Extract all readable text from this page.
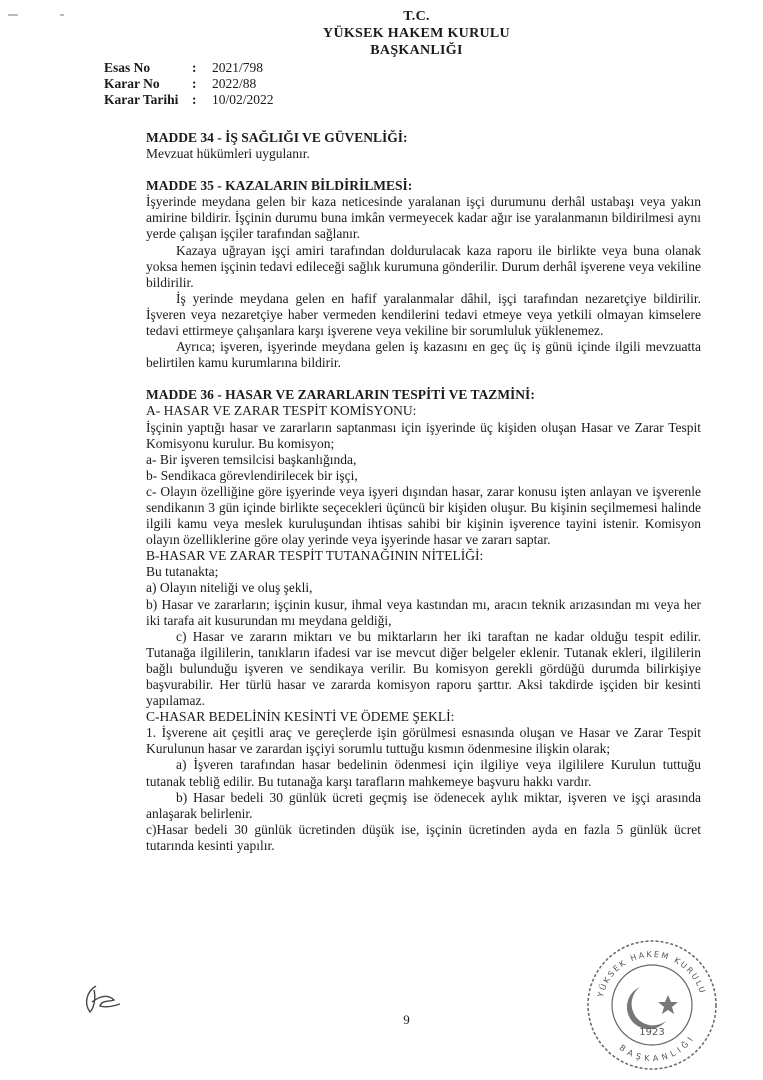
T.C.
YÜKSEK HAKEM KURULU
BAŞKANLIĞI
Esas No	:	2021/798
Karar No	:	2022/88
Karar Tarihi	:	10/02/2022

MADDE 34 - İŞ SAĞLIĞI VE GÜVENLİĞİ:

Mevzuat hükümleri uygulanır.

MADDE 35 - KAZALARIN BİLDİRİLMESİ:

İşyerinde meydana gelen bir kaza neticesinde yaralanan işçi durumunu derhâl ustabaşı veya yakın amirine bildirir. İşçinin durumu buna imkân vermeyecek kadar ağır ise yaralanmanın bildirilmesi aynı yerde çalışan işçiler tarafından sağlanır.

Kazaya uğrayan işçi amiri tarafından doldurulacak kaza raporu ile birlikte veya buna olanak yoksa hemen işçinin tedavi edileceği sağlık kurumuna gönderilir. Durum derhâl işverene veya vekiline bildirilir.

İş yerinde meydana gelen en hafif yaralanmalar dâhil, işçi tarafından nezaretçiye bildirilir. İşveren veya nezaretçiye haber vermeden kendilerini tedavi etmeye veya yetkili olmayan kimselere tedavi ettirmeye çalışanlara karşı işverene veya vekiline bir sorumluluk yüklenemez.

Ayrıca; işveren, işyerinde meydana gelen iş kazasını en geç üç iş günü içinde ilgili mevzuatta belirtilen kamu kurumlarına bildirir.

MADDE 36 - HASAR VE ZARARLARIN TESPİTİ VE TAZMİNİ:

A- HASAR VE ZARAR TESPİT KOMİSYONU:

İşçinin yaptığı hasar ve zararların saptanması için işyerinde üç kişiden oluşan Hasar ve Zarar Tespit Komisyonu kurulur. Bu komisyon;

a- Bir işveren temsilcisi başkanlığında,

b- Sendikaca görevlendirilecek bir işçi,

c- Olayın özelliğine göre işyerinde veya işyeri dışından hasar, zarar konusu işten anlayan ve işverenle sendikanın 3 gün içinde birlikte seçecekleri üçüncü bir kişiden oluşur. Bu kişinin seçilmemesi halinde ilgili kamu veya meslek kuruluşundan ihtisas sahibi bir kişinin işverence tayini istenir. Komisyon olayın özelliklerine göre olay yerinde veya işyerinde hasar ve zararı saptar.

B-HASAR VE ZARAR TESPİT TUTANAĞININ NİTELİĞİ:

Bu tutanakta;

a) Olayın niteliği ve oluş şekli,

b) Hasar ve zararların; işçinin kusur, ihmal veya kastından mı, aracın teknik arızasından mı veya her iki tarafa ait kusurundan mı meydana geldiği,

c) Hasar ve zararın miktarı ve bu miktarların her iki taraftan ne kadar olduğu tespit edilir. Tutanağa ilgililerin, tanıkların ifadesi var ise mevcut diğer belgeler eklenir. Tutanak ekleri, ilgililerin bağlı bulunduğu işveren ve sendikaya verilir. Bu komisyon gerekli gördüğü durumda bilirkişiye başvurabilir. Her türlü hasar ve zararda komisyon raporu şarttır. Aksi takdirde işçiden bir kesinti yapılamaz.

C-HASAR BEDELİNİN KESİNTİ VE ÖDEME ŞEKLİ:

1. İşverene ait çeşitli araç ve gereçlerde işin görülmesi esnasında oluşan ve Hasar ve Zarar Tespit Kurulunun hasar ve zarardan işçiyi sorumlu tuttuğu kısmın ödenmesine ilişkin olarak;

a) İşveren tarafından hasar bedelinin ödenmesi için ilgiliye veya ilgililere Kurulun tuttuğu tutanak tebliğ edilir. Bu tutanağa karşı tarafların mahkemeye başvuru hakkı vardır.

b) Hasar bedeli 30 günlük ücreti geçmiş ise ödenecek aylık miktar, işveren ve işçi arasında anlaşarak belirlenir.

c)Hasar bedeli 30 günlük ücretinden düşük ise, işçinin ücretinden ayda en fazla 5 günlük ücret tutarında kesinti yapılır.

9
1923
YÜKSEK HAKEM KURULU
BAŞKANLIĞI
